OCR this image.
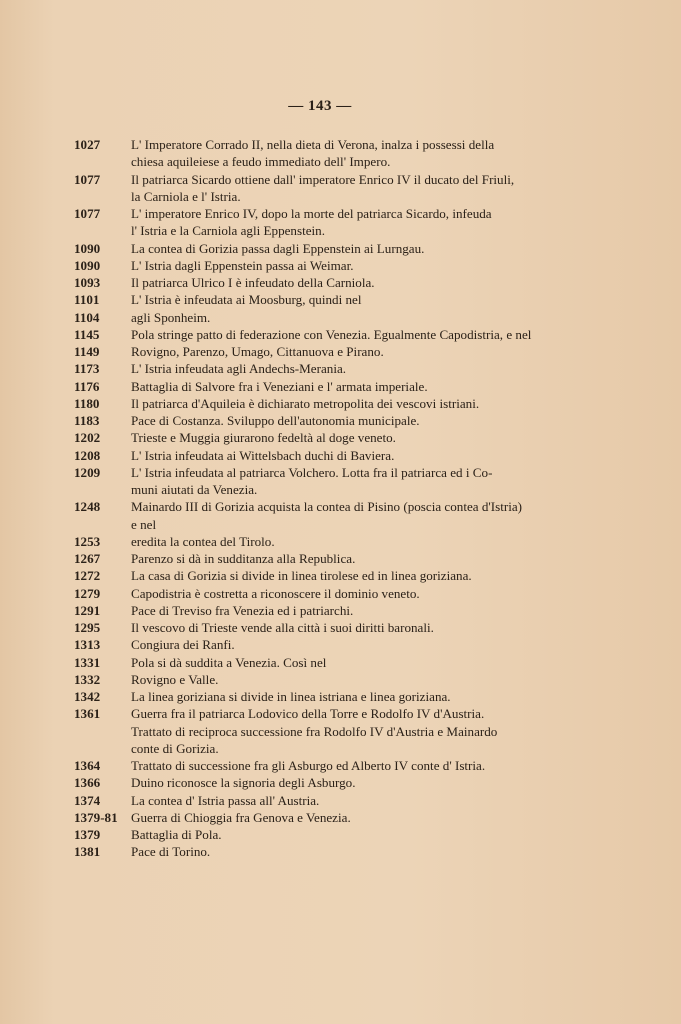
— 143 —
1027	L' Imperatore Corrado II, nella dieta di Verona, inalza i possessi della
chiesa aquileiese a feudo immediato dell' Impero.
1077	Il patriarca Sicardo ottiene dall' imperatore Enrico IV il ducato del Friuli,
la Carniola e l' Istria.
1077	L' imperatore Enrico IV, dopo la morte del patriarca Sicardo, infeuda
l' Istria e la Carniola agli Eppenstein.
1090	La contea di Gorizia passa dagli Eppenstein ai Lurngau.
1090	L' Istria dagli Eppenstein passa ai Weimar.
1093	Il patriarca Ulrico I è infeudato della Carniola.
1101	L' Istria è infeudata ai Moosburg, quindi nel
1104	agli Sponheim.
1145	Pola stringe patto di federazione con Venezia. Egualmente Capodistria, e nel
1149	Rovigno, Parenzo, Umago, Cittanuova e Pirano.
1173	L' Istria infeudata agli Andechs-Merania.
1176	Battaglia di Salvore fra i Veneziani e l' armata imperiale.
1180	Il patriarca d'Aquileia è dichiarato metropolita dei vescovi istriani.
1183	Pace di Costanza. Sviluppo dell'autonomia municipale.
1202	Trieste e Muggia giurarono fedeltà al doge veneto.
1208	L' Istria infeudata ai Wittelsbach duchi di Baviera.
1209	L' Istria infeudata al patriarca Volchero. Lotta fra il patriarca ed i Co-
muni aiutati da Venezia.
1248	Mainardo III di Gorizia acquista la contea di Pisino (poscia contea d'Istria)
e nel
1253	eredita la contea del Tirolo.
1267	Parenzo si dà in sudditanza alla Republica.
1272	La casa di Gorizia si divide in linea tirolese ed in linea goriziana.
1279	Capodistria è costretta a riconoscere il dominio veneto.
1291	Pace di Treviso fra Venezia ed i patriarchi.
1295	Il vescovo di Trieste vende alla città i suoi diritti baronali.
1313	Congiura dei Ranfi.
1331	Pola si dà suddita a Venezia. Così nel
1332	Rovigno e Valle.
1342	La linea goriziana si divide in linea istriana e linea goriziana.
1361	Guerra fra il patriarca Lodovico della Torre e Rodolfo IV d'Austria.
Trattato di reciproca successione fra Rodolfo IV d'Austria e Mainardo
conte di Gorizia.
1364	Trattato di successione fra gli Asburgo ed Alberto IV conte d' Istria.
1366	Duino riconosce la signoria degli Asburgo.
1374	La contea d' Istria passa all' Austria.
1379-81	Guerra di Chioggia fra Genova e Venezia.
1379	Battaglia di Pola.
1381	Pace di Torino.
